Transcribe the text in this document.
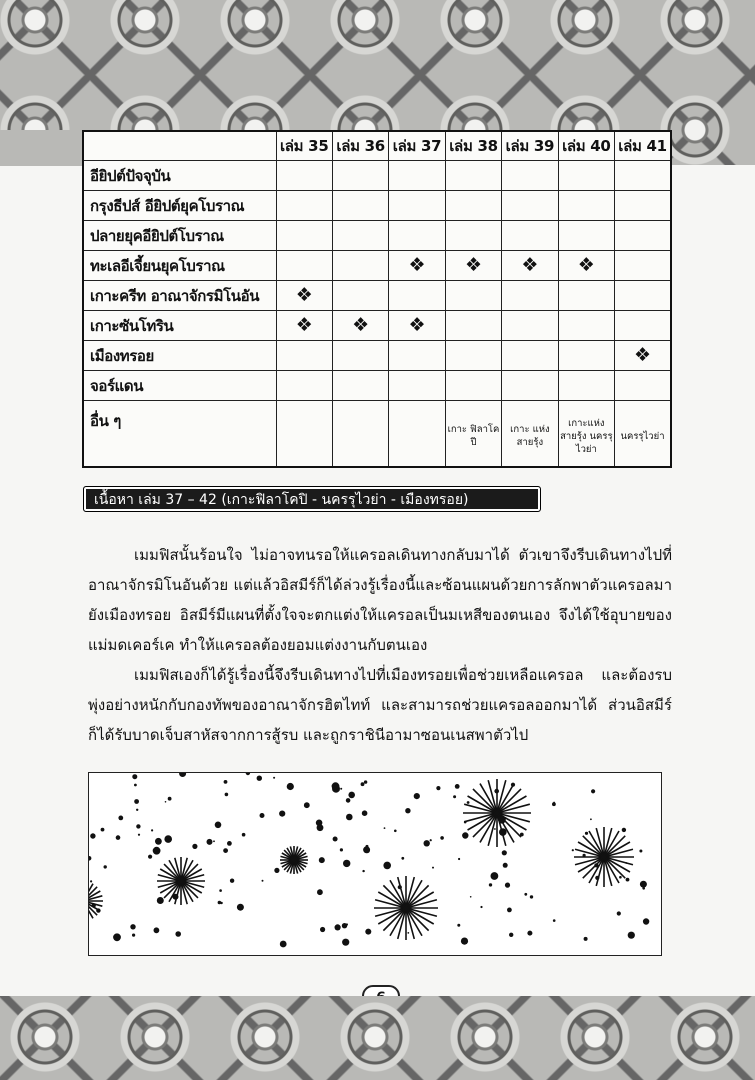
	เล่ม 35	เล่ม 36	เล่ม 37	เล่ม 38	เล่ม 39	เล่ม 40	เล่ม 41
อียิปต์ปัจจุบัน							
กรุงธีปส์ อียิปต์ยุคโบราณ							
ปลายยุคอียิปต์โบราณ							
ทะเลอีเจี้ยนยุคโบราณ			❖	❖	❖	❖	
เกาะครีท อาณาจักรมิโนอัน	❖						
เกาะซันโทริน	❖	❖	❖				
เมืองทรอย							❖
จอร์แดน							
อื่น ๆ				เกาะ ฟิลาโคปี	เกาะ แห่งสายรุ้ง	เกาะแห่ง สายรุ้ง นครรุไวย่า	นครรุไวย่า
เนื้อหา เล่ม 37 – 42 (เกาะฟิลาโคปิ - นครรุไวย่า - เมืองทรอย)

เมมฟิสนั้นร้อนใจ ไม่อาจทนรอให้แครอลเดินทางกลับมาได้ ตัวเขาจึงรีบเดินทางไปที่อาณาจักรมิโนอันด้วย แต่แล้วอิสมีร์ก็ได้ล่วงรู้เรื่องนี้และซ้อนแผนด้วยการลักพาตัวแครอลมายังเมืองทรอย อิสมีร์มีแผนที่ตั้งใจจะตกแต่งให้แครอลเป็นมเหสีของตนเอง จึงได้ใช้อุบายของแม่มดเคอร์เค ทำให้แครอลต้องยอมแต่งงานกับตนเอง

เมมฟิสเองก็ได้รู้เรื่องนี้จึงรีบเดินทางไปที่เมืองทรอยเพื่อช่วยเหลือแครอล และต้องรบพุ่งอย่างหนักกับกองทัพของอาณาจักรฮิตไทท์ และสามารถช่วยแครอลออกมาได้ ส่วนอิสมีร์ก็ได้รับบาดเจ็บสาหัสจากการสู้รบ และถูกราชินีอามาซอนเนสพาตัวไป
